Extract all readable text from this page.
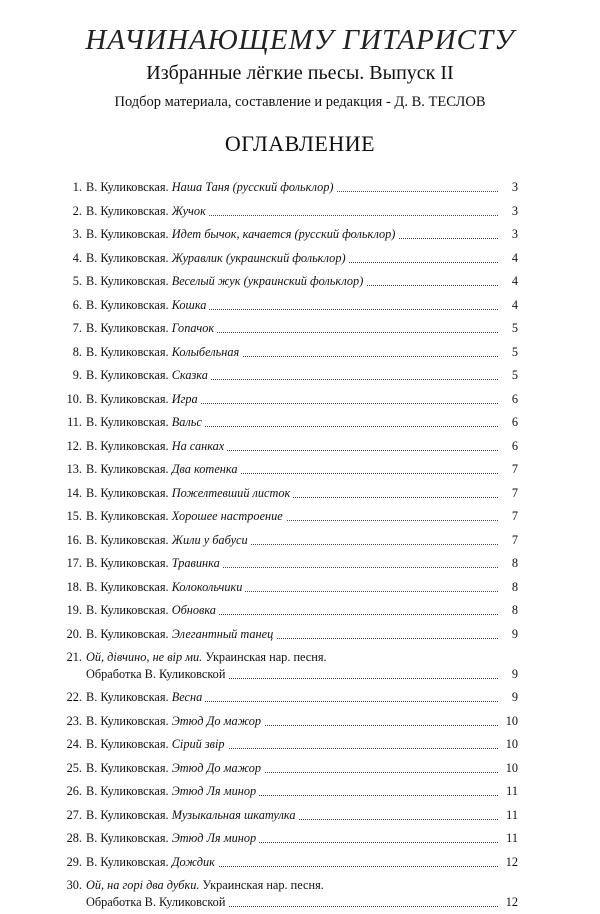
НАЧИНАЮЩЕМУ ГИТАРИСТУ
Избранные лёгкие пьесы. Выпуск II
Подбор материала, составление и редакция - Д. В. ТЕСЛОВ
ОГЛАВЛЕНИЕ
1. В. Куликовская. Наша Таня (русский фольклор)	3
2. В. Куликовская. Жучок	3
3. В. Куликовская. Идет бычок, качается (русский фольклор)	3
4. В. Куликовская. Журавлик (украинский фольклор)	4
5. В. Куликовская. Веселый жук (украинский фольклор)	4
6. В. Куликовская. Кошка	4
7. В. Куликовская. Гопачок	5
8. В. Куликовская. Колыбельная	5
9. В. Куликовская. Сказка	5
10. В. Куликовская. Игра	6
11. В. Куликовская. Вальс	6
12. В. Куликовская. На санках	6
13. В. Куликовская. Два котенка	7
14. В. Куликовская. Пожелтевший листок	7
15. В. Куликовская. Хорошее настроение	7
16. В. Куликовская. Жили у бабуси	7
17. В. Куликовская. Травинка	8
18. В. Куликовская. Колокольчики	8
19. В. Куликовская. Обновка	8
20. В. Куликовская. Элегантный танец	9
21. Ой, дівчино, не вір ми. Украинская нар. песня.
Обработка В. Куликовской	9
22. В. Куликовская. Весна	9
23. В. Куликовская. Этюд До мажор	10
24. В. Куликовская. Сірий звір	10
25. В. Куликовская. Этюд До мажор	10
26. В. Куликовская. Этюд Ля минор	11
27. В. Куликовская. Музыкальная шкатулка	11
28. В. Куликовская. Этюд Ля минор	11
29. В. Куликовская. Дождик	12
30. Ой, на горі два дубки. Украинская нар. песня.
Обработка В. Куликовской	12
